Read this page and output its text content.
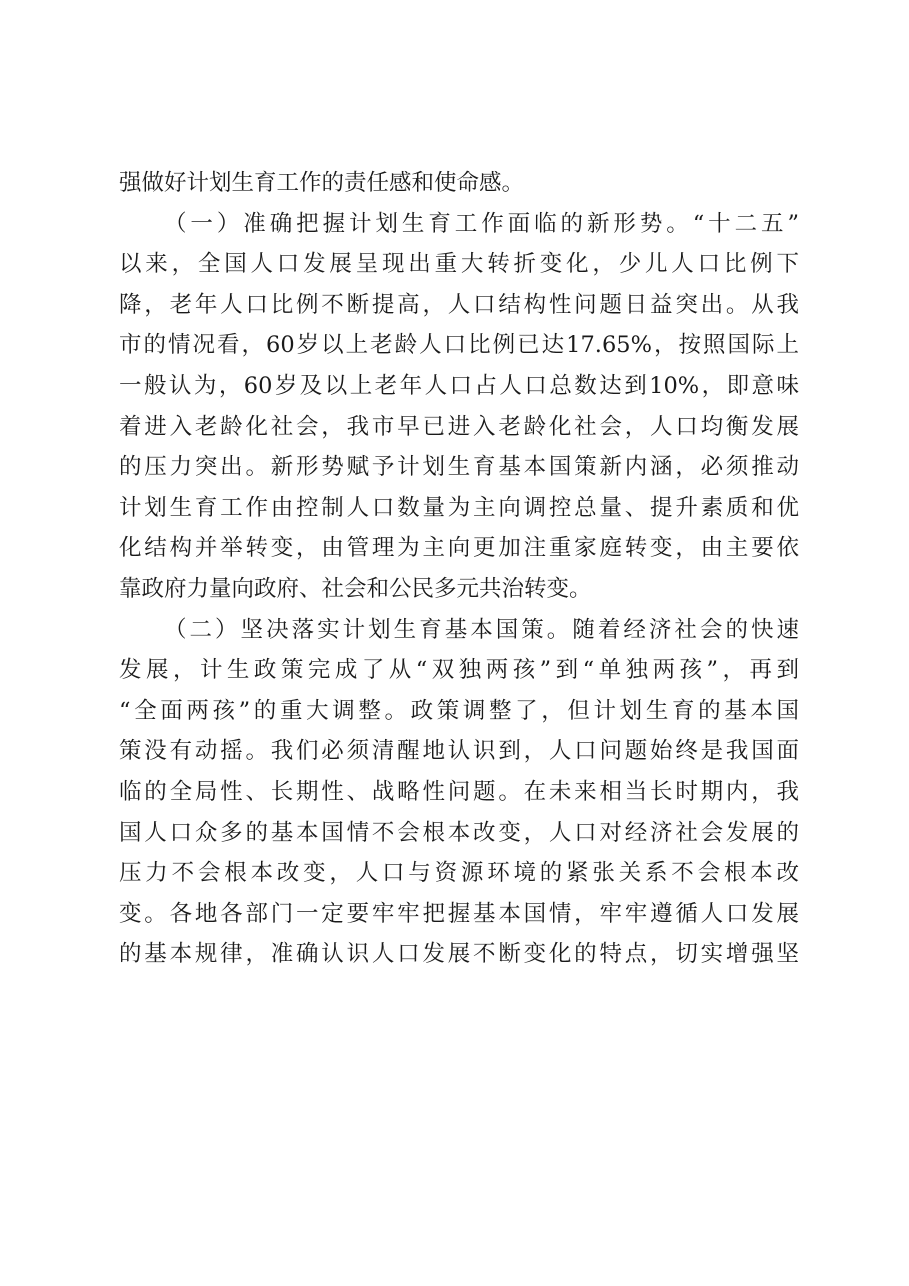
强做好计划生育工作的责任感和使命感。
（一）准确把握计划生育工作面临的新形势。“十二五”
以来，全国人口发展呈现出重大转折变化，少儿人口比例下
降，老年人口比例不断提高，人口结构性问题日益突出。从我
市的情况看，60岁以上老龄人口比例已达17.65%，按照国际上
一般认为，60岁及以上老年人口占人口总数达到10%，即意味
着进入老龄化社会，我市早已进入老龄化社会，人口均衡发展
的压力突出。新形势赋予计划生育基本国策新内涵，必须推动
计划生育工作由控制人口数量为主向调控总量、提升素质和优
化结构并举转变，由管理为主向更加注重家庭转变，由主要依
靠政府力量向政府、社会和公民多元共治转变。
（二）坚决落实计划生育基本国策。随着经济社会的快速
发展，计生政策完成了从“双独两孩”到“单独两孩”，再到
“全面两孩”的重大调整。政策调整了，但计划生育的基本国
策没有动摇。我们必须清醒地认识到，人口问题始终是我国面
临的全局性、长期性、战略性问题。在未来相当长时期内，我
国人口众多的基本国情不会根本改变，人口对经济社会发展的
压力不会根本改变，人口与资源环境的紧张关系不会根本改
变。各地各部门一定要牢牢把握基本国情，牢牢遵循人口发展
的基本规律，准确认识人口发展不断变化的特点，切实增强坚
